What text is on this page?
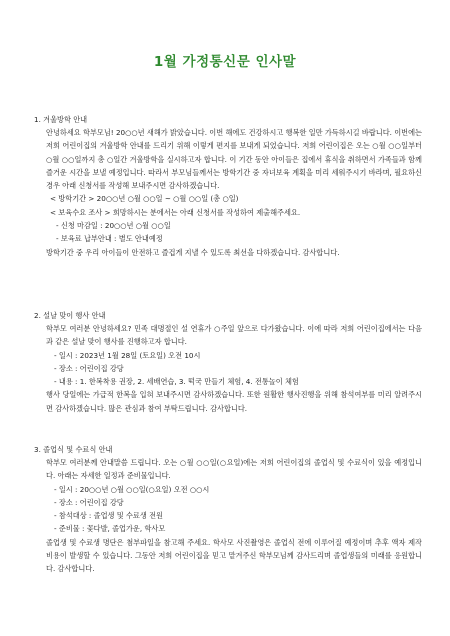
1월 가정통신문 인사말
1. 겨울방학 안내
안녕하세요 학부모님! 20○○년 새해가 밝았습니다. 이번 해에도 건강하시고 행복한 일만 가득하시길 바랍니다. 이번에는 저희 어린이집의 겨울방학 안내를 드리기 위해 이렇게 편지를 보내게 되었습니다. 저희 어린이집은 오는 ○월 ○○일부터 ○월 ○○일까지 총 ○일간 겨울방학을 실시하고자 합니다. 이 기간 동안 아이들은 집에서 휴식을 취하면서 가족들과 함께 즐거운 시간을 보낼 예정입니다. 따라서 부모님들께서는 방학기간 중 자녀보육 계획을 미리 세워주시기 바라며, 필요하신 경우 아래 신청서를 작성해 보내주시면 감사하겠습니다.
< 방학기간 > 20○○년 ○월 ○○일 ~ ○월 ○○일 (총 ○일)
< 보육수요 조사 > 희망하시는 분에서는 아래 신청서를 작성하여 제출해주세요.
- 신청 마감일 : 20○○년 ○월 ○○일
- 보육료 납부안내 : 별도 안내예정
방학기간 중 우리 아이들이 안전하고 즐겁게 지낼 수 있도록 최선을 다하겠습니다. 감사합니다.
2. 설날 맞이 행사 안내
학부모 여러분 안녕하세요? 민족 대명절인 설 연휴가 ○주일 앞으로 다가왔습니다. 이에 따라 저희 어린이집에서는 다음과 같은 설날 맞이 행사를 진행하고자 합니다.
- 일시 : 2023년 1월 28일 (토요일) 오전 10시
- 장소 : 어린이집 강당
- 내용 : 1. 한복착용 권장, 2. 세배연습, 3. 떡국 만들기 체험, 4. 전통놀이 체험
행사 당일에는 가급적 한복을 입혀 보내주시면 감사하겠습니다. 또한 원활한 행사진행을 위해 참석여부를 미리 알려주시면 감사하겠습니다. 많은 관심과 참여 부탁드립니다. 감사합니다.
3. 졸업식 및 수료식 안내
학부모 여러분께 안내말씀 드립니다. 오는 ○월 ○○일(○요일)에는 저희 어린이집의 졸업식 및 수료식이 있을 예정입니다. 아래는 자세한 일정과 준비물입니다.
- 일시 : 20○○년 ○월 ○○일(○요일) 오전 ○○시
- 장소 : 어린이집 강당
- 참석대상 : 졸업생 및 수료생 전원
- 준비물 : 꽃다발, 졸업가운, 학사모
졸업생 및 수료생 명단은 첨부파일을 참고해 주세요. 학사모 사진촬영은 졸업식 전에 이루어질 예정이며 추후 액자 제작비용이 발생할 수 있습니다. 그동안 저희 어린이집을 믿고 맡겨주신 학부모님께 감사드리며 졸업생들의 미래를 응원합니다. 감사합니다.
